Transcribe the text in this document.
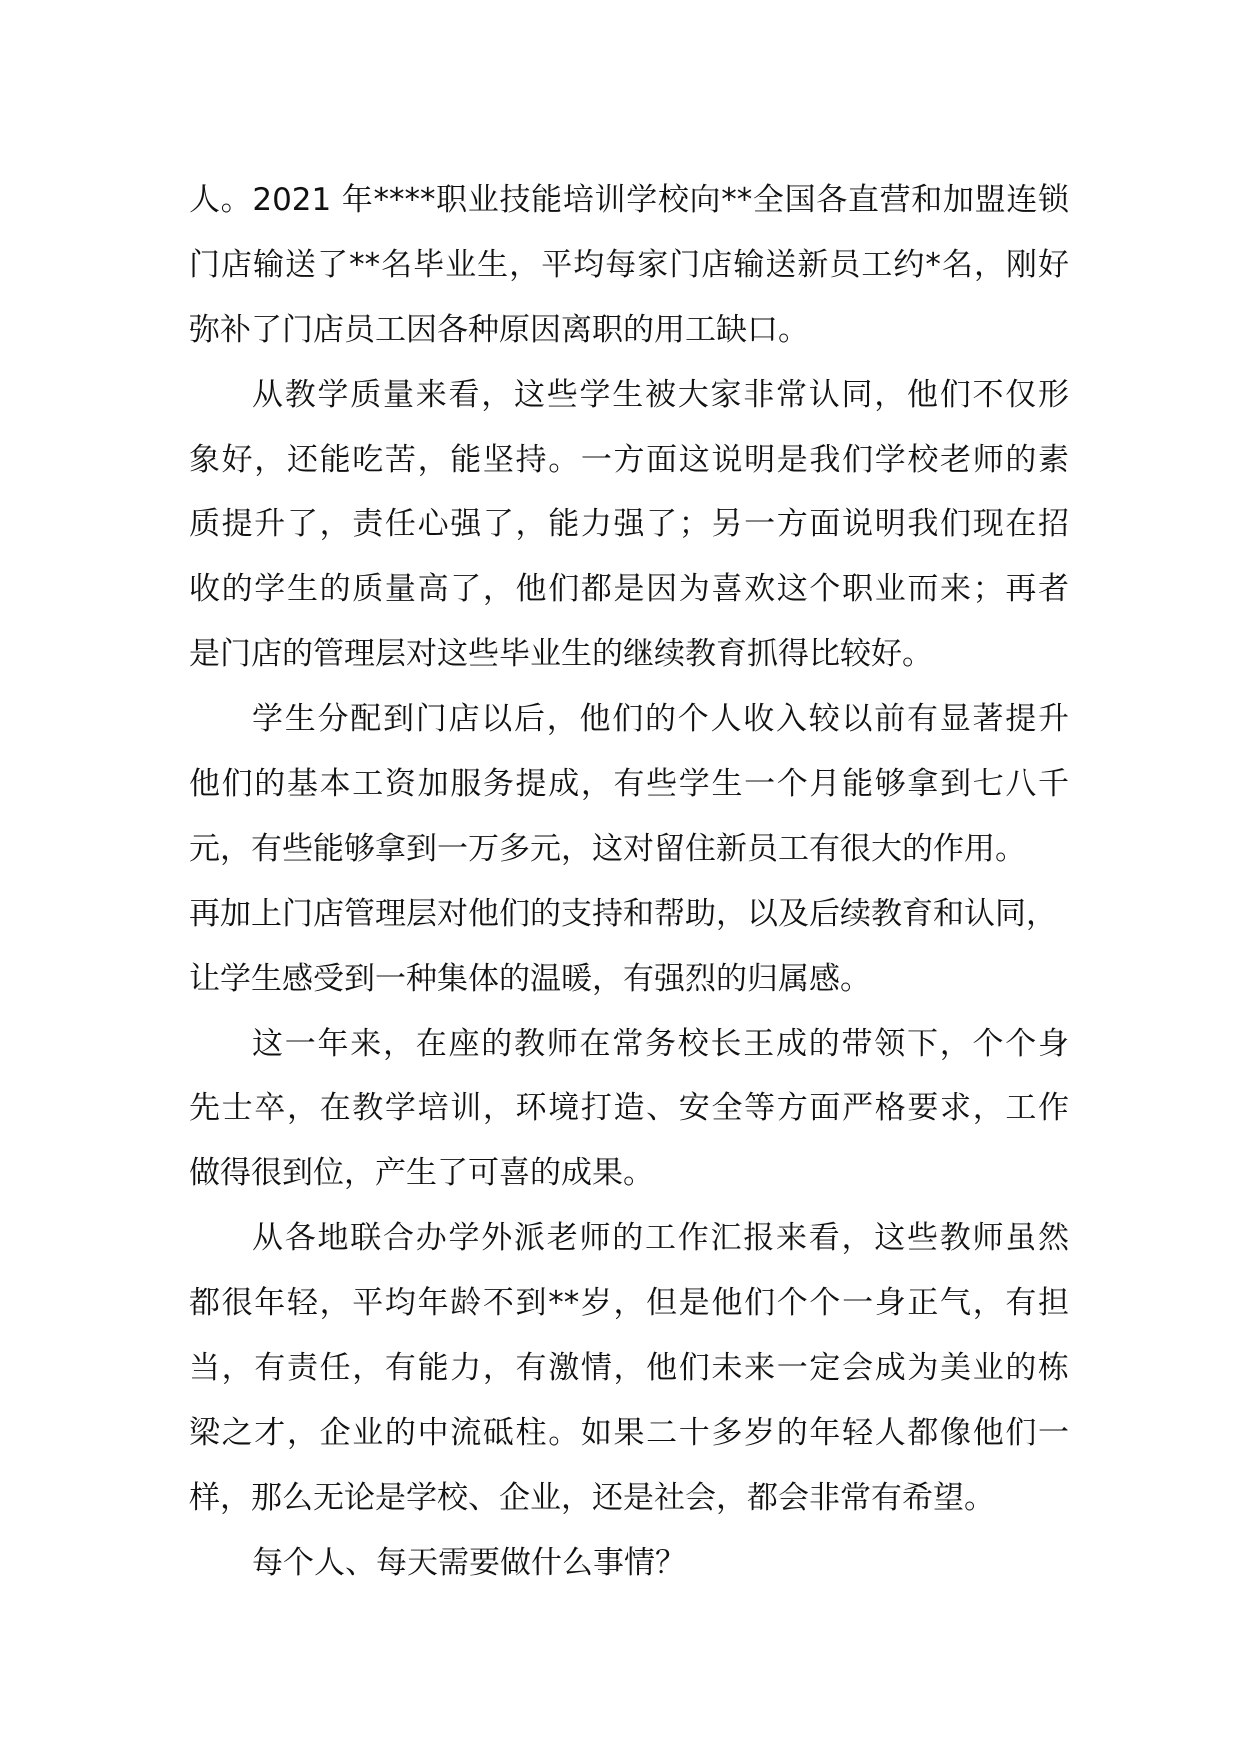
人。2021 年****职业技能培训学校向**全国各直营和加盟连锁
门店输送了**名毕业生，平均每家门店输送新员工约*名，刚好
弥补了门店员工因各种原因离职的用工缺口。
从教学质量来看，这些学生被大家非常认同，他们不仅形
象好，还能吃苦，能坚持。一方面这说明是我们学校老师的素
质提升了，责任心强了，能力强了；另一方面说明我们现在招
收的学生的质量高了，他们都是因为喜欢这个职业而来；再者
是门店的管理层对这些毕业生的继续教育抓得比较好。
学生分配到门店以后，他们的个人收入较以前有显著提升
他们的基本工资加服务提成，有些学生一个月能够拿到七八千
元，有些能够拿到一万多元，这对留住新员工有很大的作用。
再加上门店管理层对他们的支持和帮助，以及后续教育和认同，
让学生感受到一种集体的温暖，有强烈的归属感。
这一年来，在座的教师在常务校长王成的带领下，个个身
先士卒，在教学培训，环境打造、安全等方面严格要求，工作
做得很到位，产生了可喜的成果。
从各地联合办学外派老师的工作汇报来看，这些教师虽然
都很年轻，平均年龄不到**岁，但是他们个个一身正气，有担
当，有责任，有能力，有激情，他们未来一定会成为美业的栋
梁之才，企业的中流砥柱。如果二十多岁的年轻人都像他们一
样，那么无论是学校、企业，还是社会，都会非常有希望。
每个人、每天需要做什么事情？
